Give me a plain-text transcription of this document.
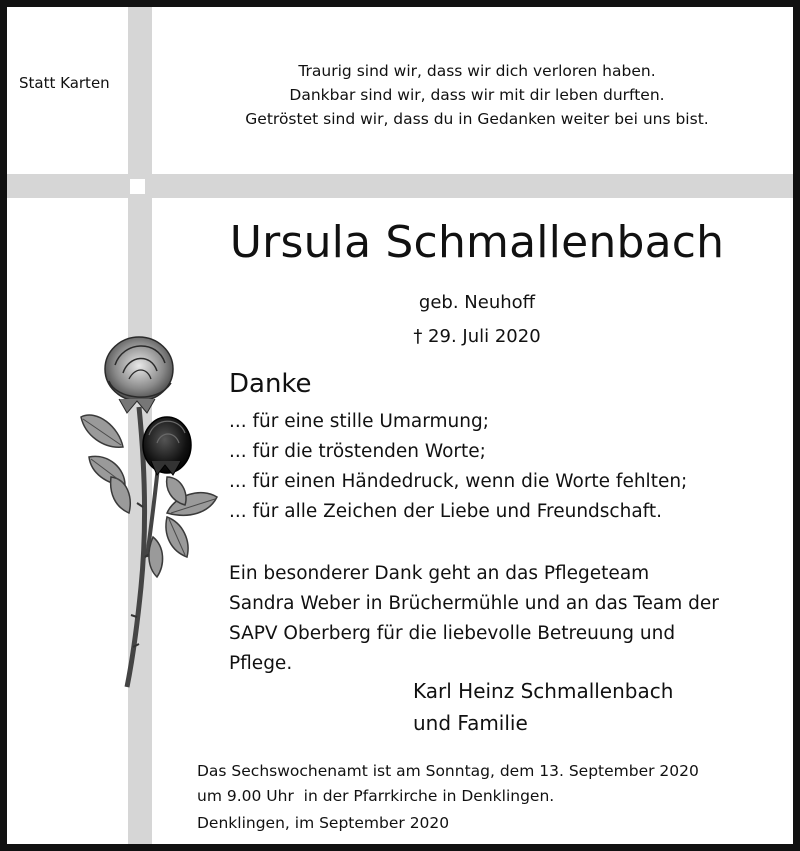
Statt Karten
Traurig sind wir, dass wir dich verloren haben.
Dankbar sind wir, dass wir mit dir leben durften.
Getröstet sind wir, dass du in Gedanken weiter bei uns bist.
Ursula Schmallenbach
geb. Neuhoff
† 29. Juli 2020
Danke
... für eine stille Umarmung;
... für die tröstenden Worte;
... für einen Händedruck, wenn die Worte fehlten;
... für alle Zeichen der Liebe und Freundschaft.
Ein besonderer Dank geht an das Pflegeteam
Sandra Weber in Brüchermühle und an das Team der
SAPV Oberberg für die liebevolle Betreuung und
Pflege.
Karl Heinz Schmallenbach
und Familie
Das Sechswochenamt ist am Sonntag, dem 13. September 2020
um 9.00 Uhr  in der Pfarrkirche in Denklingen.
Denklingen, im September 2020
